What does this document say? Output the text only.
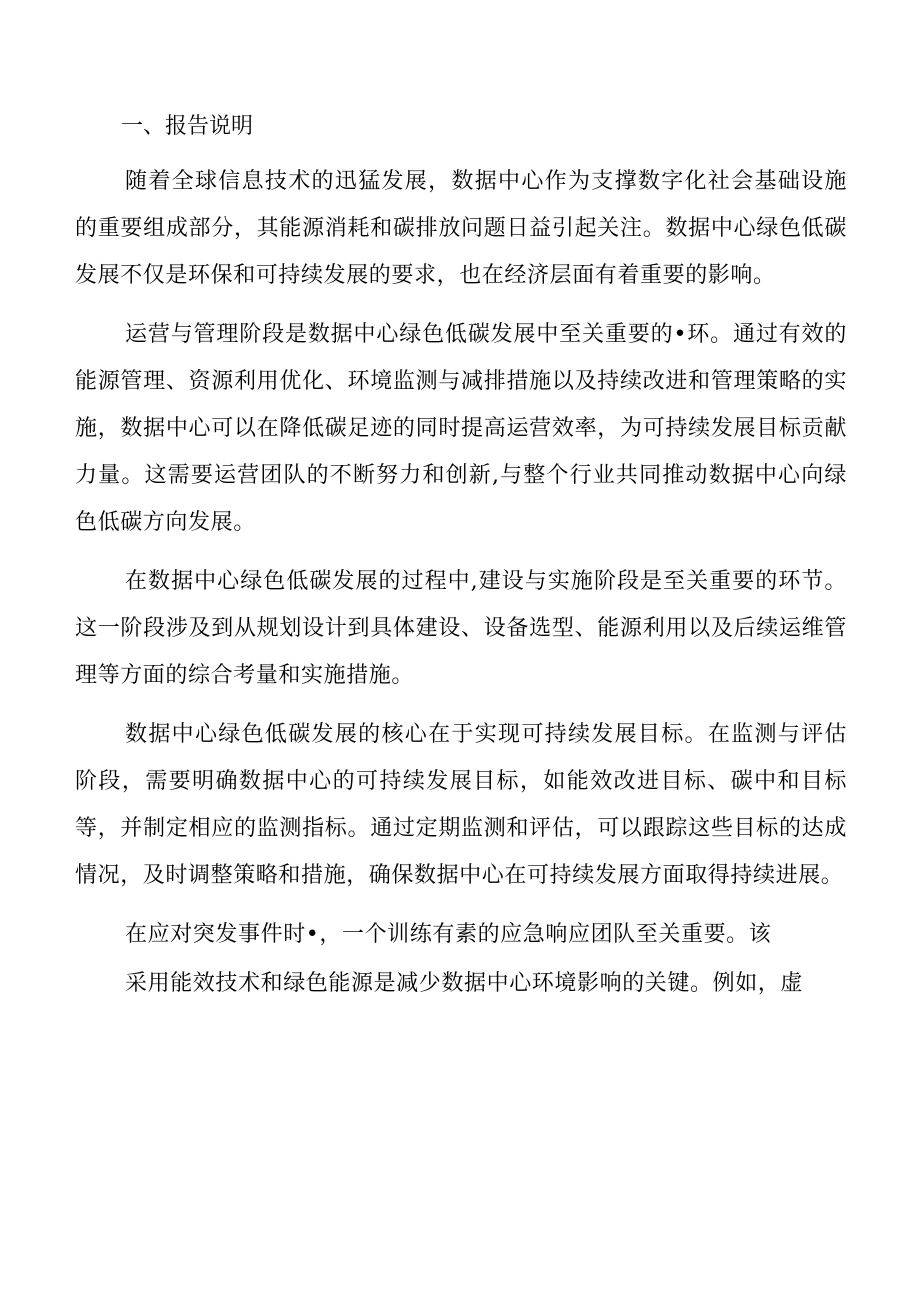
一、报告说明

随着全球信息技术的迅猛发展，数据中心作为支撑数字化社会基础设施的重要组成部分，其能源消耗和碳排放问题日益引起关注。数据中心绿色低碳发展不仅是环保和可持续发展的要求，也在经济层面有着重要的影响。

运营与管理阶段是数据中心绿色低碳发展中至关重要的•环。通过有效的能源管理、资源利用优化、环境监测与减排措施以及持续改进和管理策略的实施，数据中心可以在降低碳足迹的同时提高运营效率，为可持续发展目标贡献力量。这需要运营团队的不断努力和创新,与整个行业共同推动数据中心向绿色低碳方向发展。

在数据中心绿色低碳发展的过程中,建设与实施阶段是至关重要的环节。这一阶段涉及到从规划设计到具体建设、设备选型、能源利用以及后续运维管理等方面的综合考量和实施措施。

数据中心绿色低碳发展的核心在于实现可持续发展目标。在监测与评估阶段，需要明确数据中心的可持续发展目标，如能效改进目标、碳中和目标等，并制定相应的监测指标。通过定期监测和评估，可以跟踪这些目标的达成情况，及时调整策略和措施，确保数据中心在可持续发展方面取得持续进展。

在应对突发事件时•，一个训练有素的应急响应团队至关重要。该

采用能效技术和绿色能源是减少数据中心环境影响的关键。例如，虚
